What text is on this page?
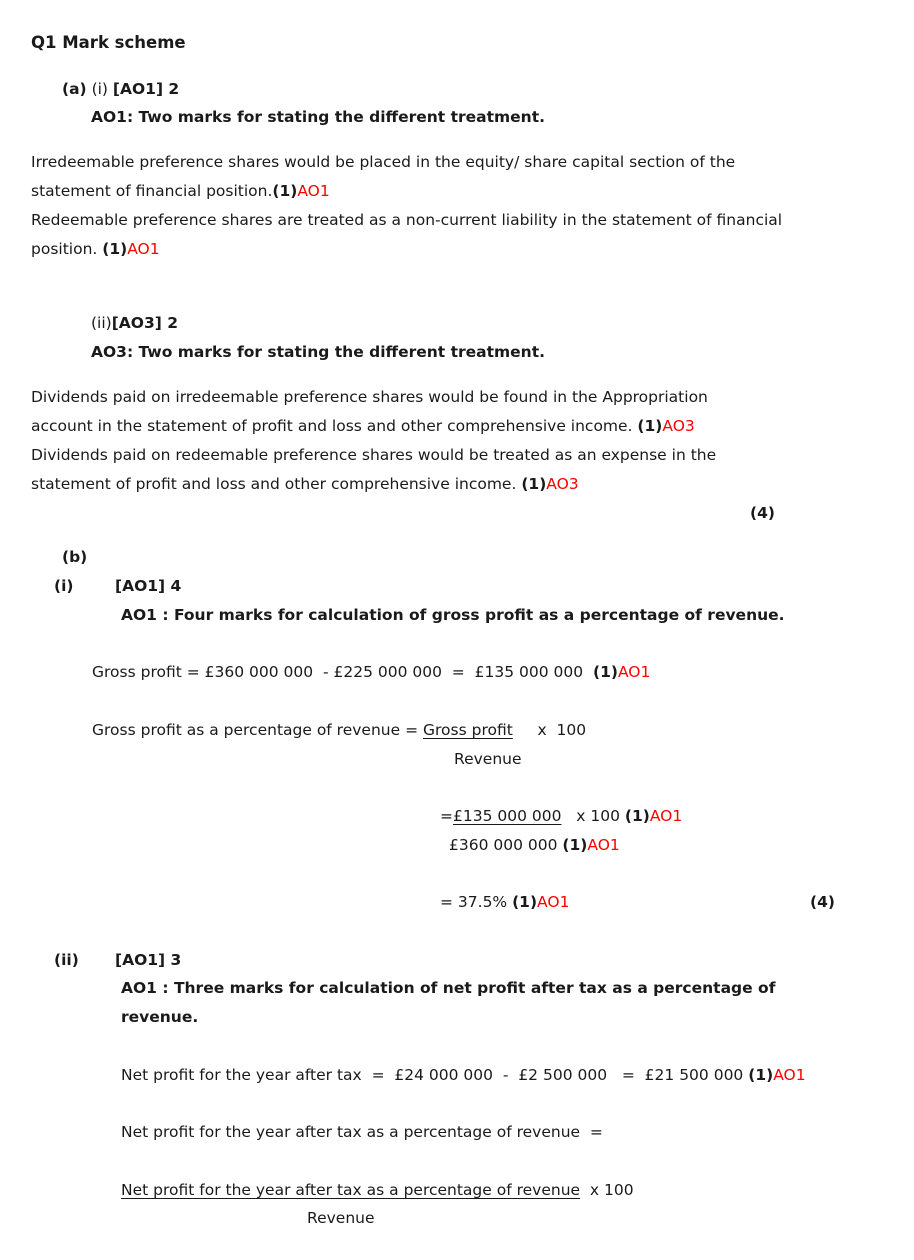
Q1 Mark scheme
(a) (i) [AO1] 2
AO1: Two marks for stating the different treatment.
Irredeemable preference shares would be placed in the equity/ share capital section of the
statement of financial position.(1)AO1
Redeemable preference shares are treated as a non-current liability in the statement of financial
position. (1)AO1
(ii)[AO3] 2
AO3: Two marks for stating the different treatment.
Dividends paid on irredeemable preference shares would be found in the Appropriation
account in the statement of profit and loss and other comprehensive income. (1)AO3
Dividends paid on redeemable preference shares would be treated as an expense in the
statement of profit and loss and other comprehensive income. (1)AO3
(4)
(b)
(i)	[AO1] 4
AO1 : Four marks for calculation of gross profit as a percentage of revenue.
Gross profit = £360 000 000  - £225 000 000  =  £135 000 000  (1)AO1
Gross profit as a percentage of revenue = Gross profit     x  100
Revenue
=£135 000 000   x 100 (1)AO1
£360 000 000 (1)AO1
= 37.5% (1)AO1	(4)
(ii) [AO1] 3
AO1 : Three marks for calculation of net profit after tax as a percentage of
revenue.
Net profit for the year after tax  =  £24 000 000  -  £2 500 000   =  £21 500 000 (1)AO1
Net profit for the year after tax as a percentage of revenue  =
Net profit for the year after tax as a percentage of revenue  x 100
Revenue
